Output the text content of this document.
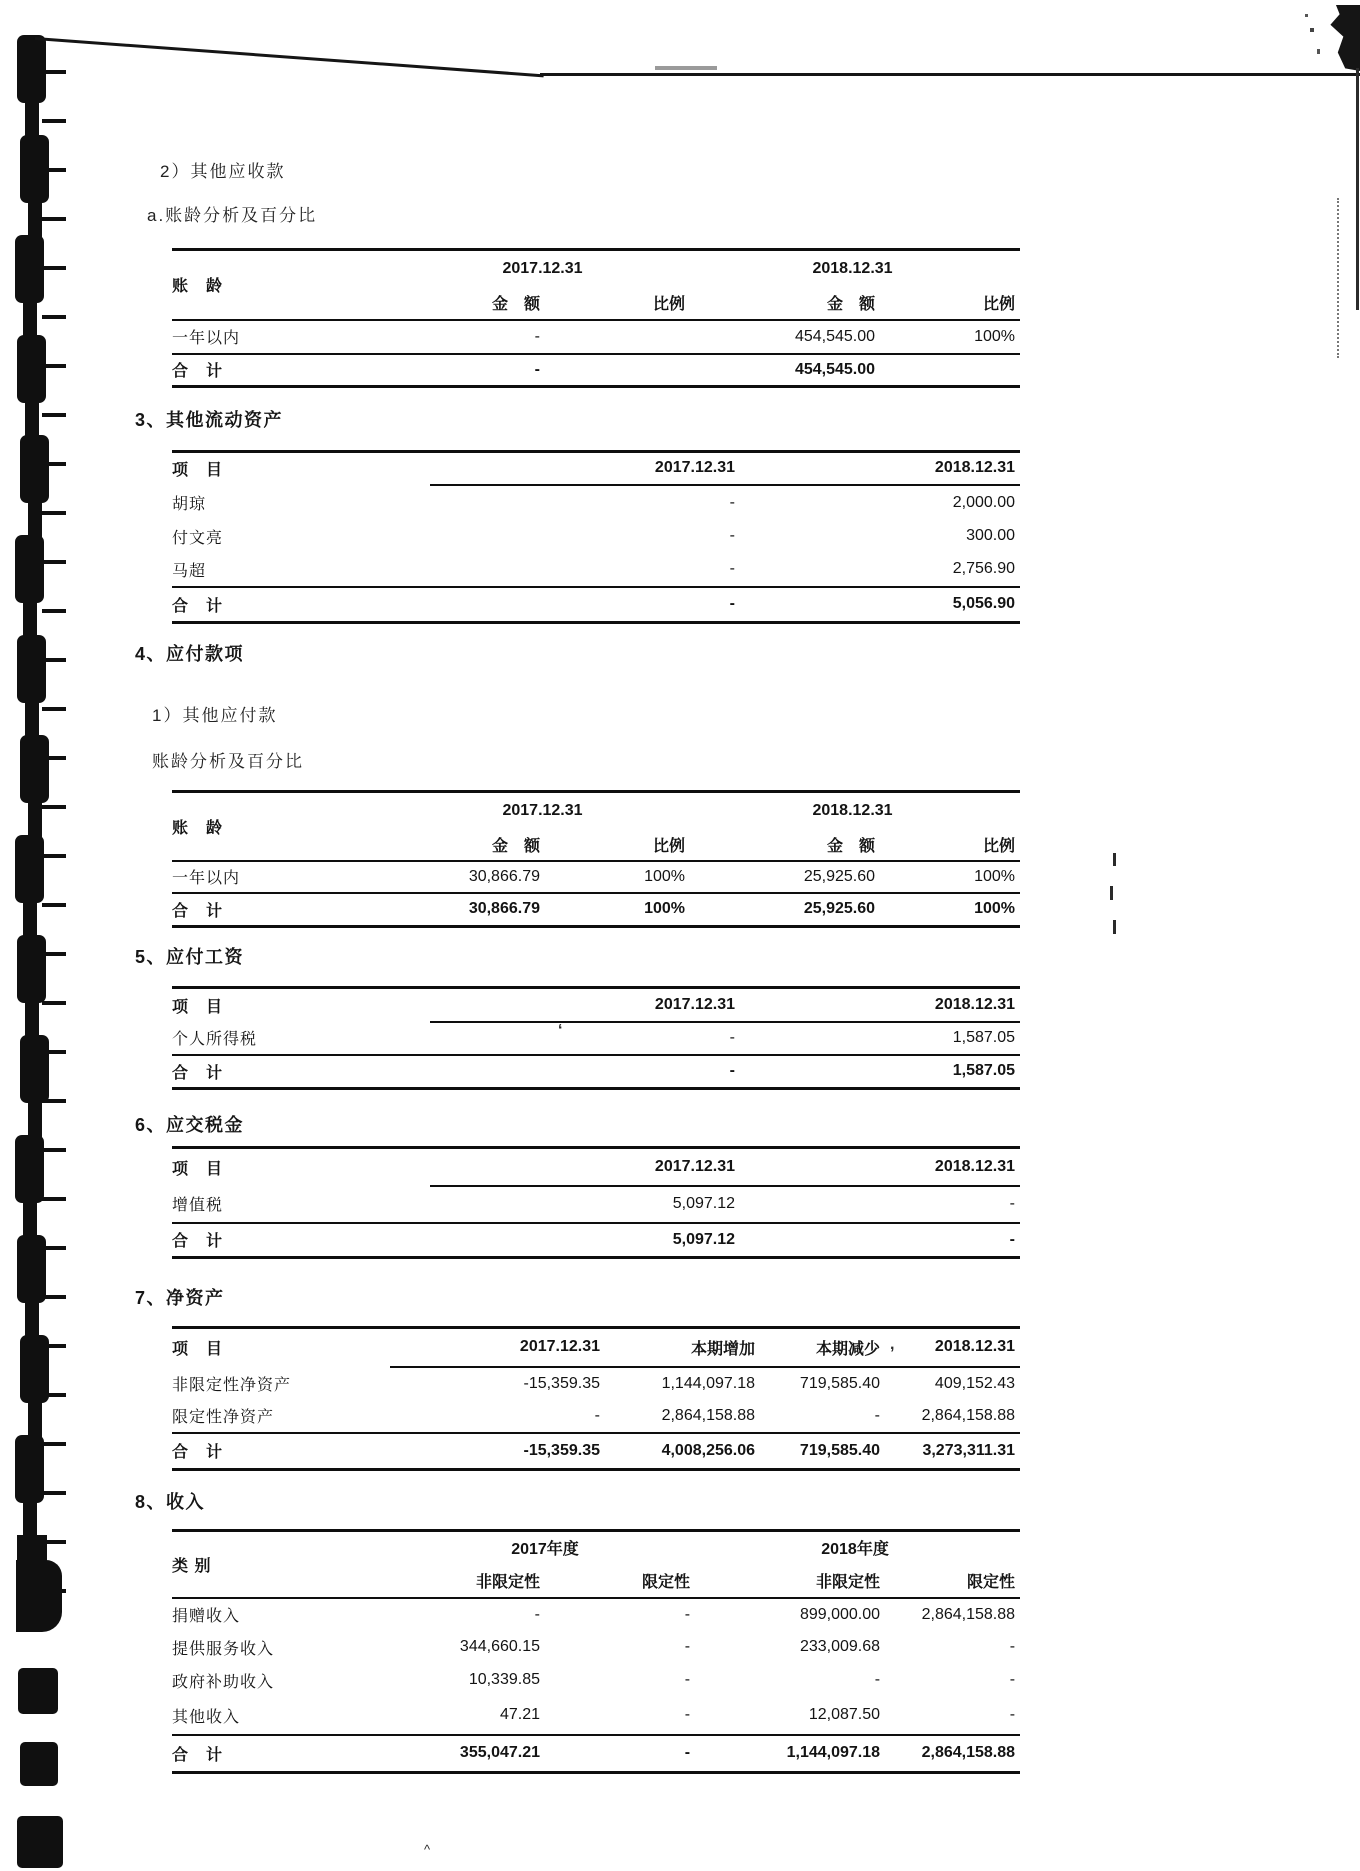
2）其他应收款
a.账龄分析及百分比
账　龄	2017.12.31		2018.12.31	
	金　额	比例	金　额	比例
一年以内	-		454,545.00	100%
合　计	-		454,545.00	
3、其他流动资产
项　目	2017.12.31	2018.12.31
胡琼	-	2,000.00
付文亮	-	300.00
马超	-	2,756.90
合　计	-	5,056.90
4、应付款项
1）其他应付款
账龄分析及百分比
账　龄	2017.12.31		2018.12.31	
	金　额	比例	金　额	比例
一年以内	30,866.79	100%	25,925.60	100%
合　计	30,866.79	100%	25,925.60	100%
5、应付工资
项　目	2017.12.31	2018.12.31
个人所得税	-	1,587.05
合　计	-	1,587.05
6、应交税金
项　目	2017.12.31	2018.12.31
增值税	5,097.12	-
合　计	5,097.12	-
7、净资产
项　目	2017.12.31	本期增加	本期减少	2018.12.31
非限定性净资产	-15,359.35	1,144,097.18	719,585.40	409,152.43
限定性净资产	-	2,864,158.88	-	2,864,158.88
合　计	-15,359.35	4,008,256.06	719,585.40	3,273,311.31
8、收入
类 别	2017年度		2018年度	
	非限定性	限定性	非限定性	限定性
捐赠收入	-	-	899,000.00	2,864,158.88
提供服务收入	344,660.15	-	233,009.68	-
政府补助收入	10,339.85	-	-	-
其他收入	47.21	-	12,087.50	-
合　计	355,047.21	-	1,144,097.18	2,864,158.88
‘
,
^
